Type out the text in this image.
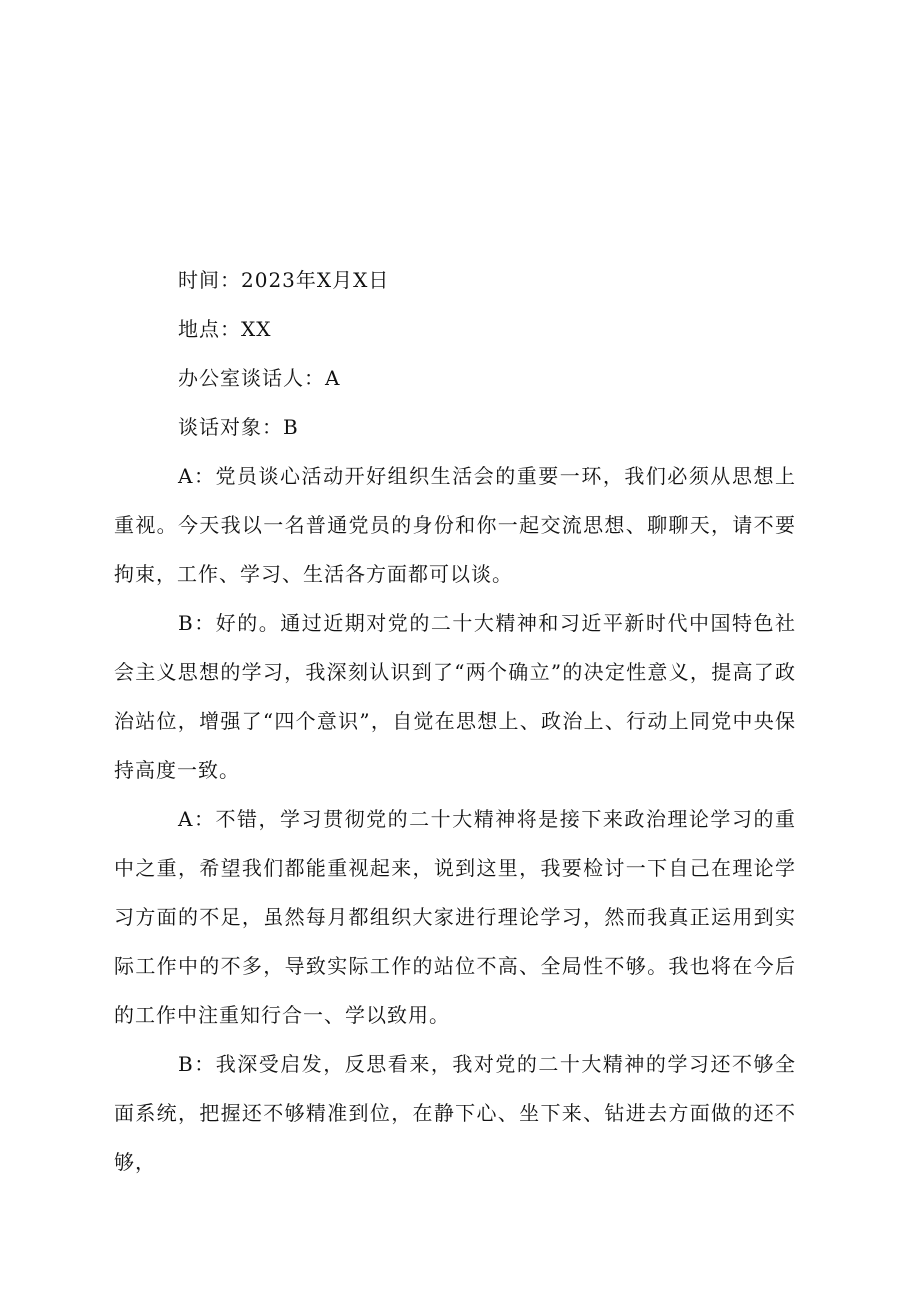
时间：2023年X月X日

地点：XX

办公室谈话人：A

谈话对象：B

A：党员谈心活动开好组织生活会的重要一环，我们必须从思想上重视。今天我以一名普通党员的身份和你一起交流思想、聊聊天，请不要拘束，工作、学习、生活各方面都可以谈。

B：好的。通过近期对党的二十大精神和习近平新时代中国特色社会主义思想的学习，我深刻认识到了“两个确立”的决定性意义，提高了政治站位，增强了“四个意识”，自觉在思想上、政治上、行动上同党中央保持高度一致。

A：不错，学习贯彻党的二十大精神将是接下来政治理论学习的重中之重，希望我们都能重视起来，说到这里，我要检讨一下自己在理论学习方面的不足，虽然每月都组织大家进行理论学习，然而我真正运用到实际工作中的不多，导致实际工作的站位不高、全局性不够。我也将在今后的工作中注重知行合一、学以致用。

B：我深受启发，反思看来，我对党的二十大精神的学习还不够全面系统，把握还不够精准到位，在静下心、坐下来、钻进去方面做的还不够，
